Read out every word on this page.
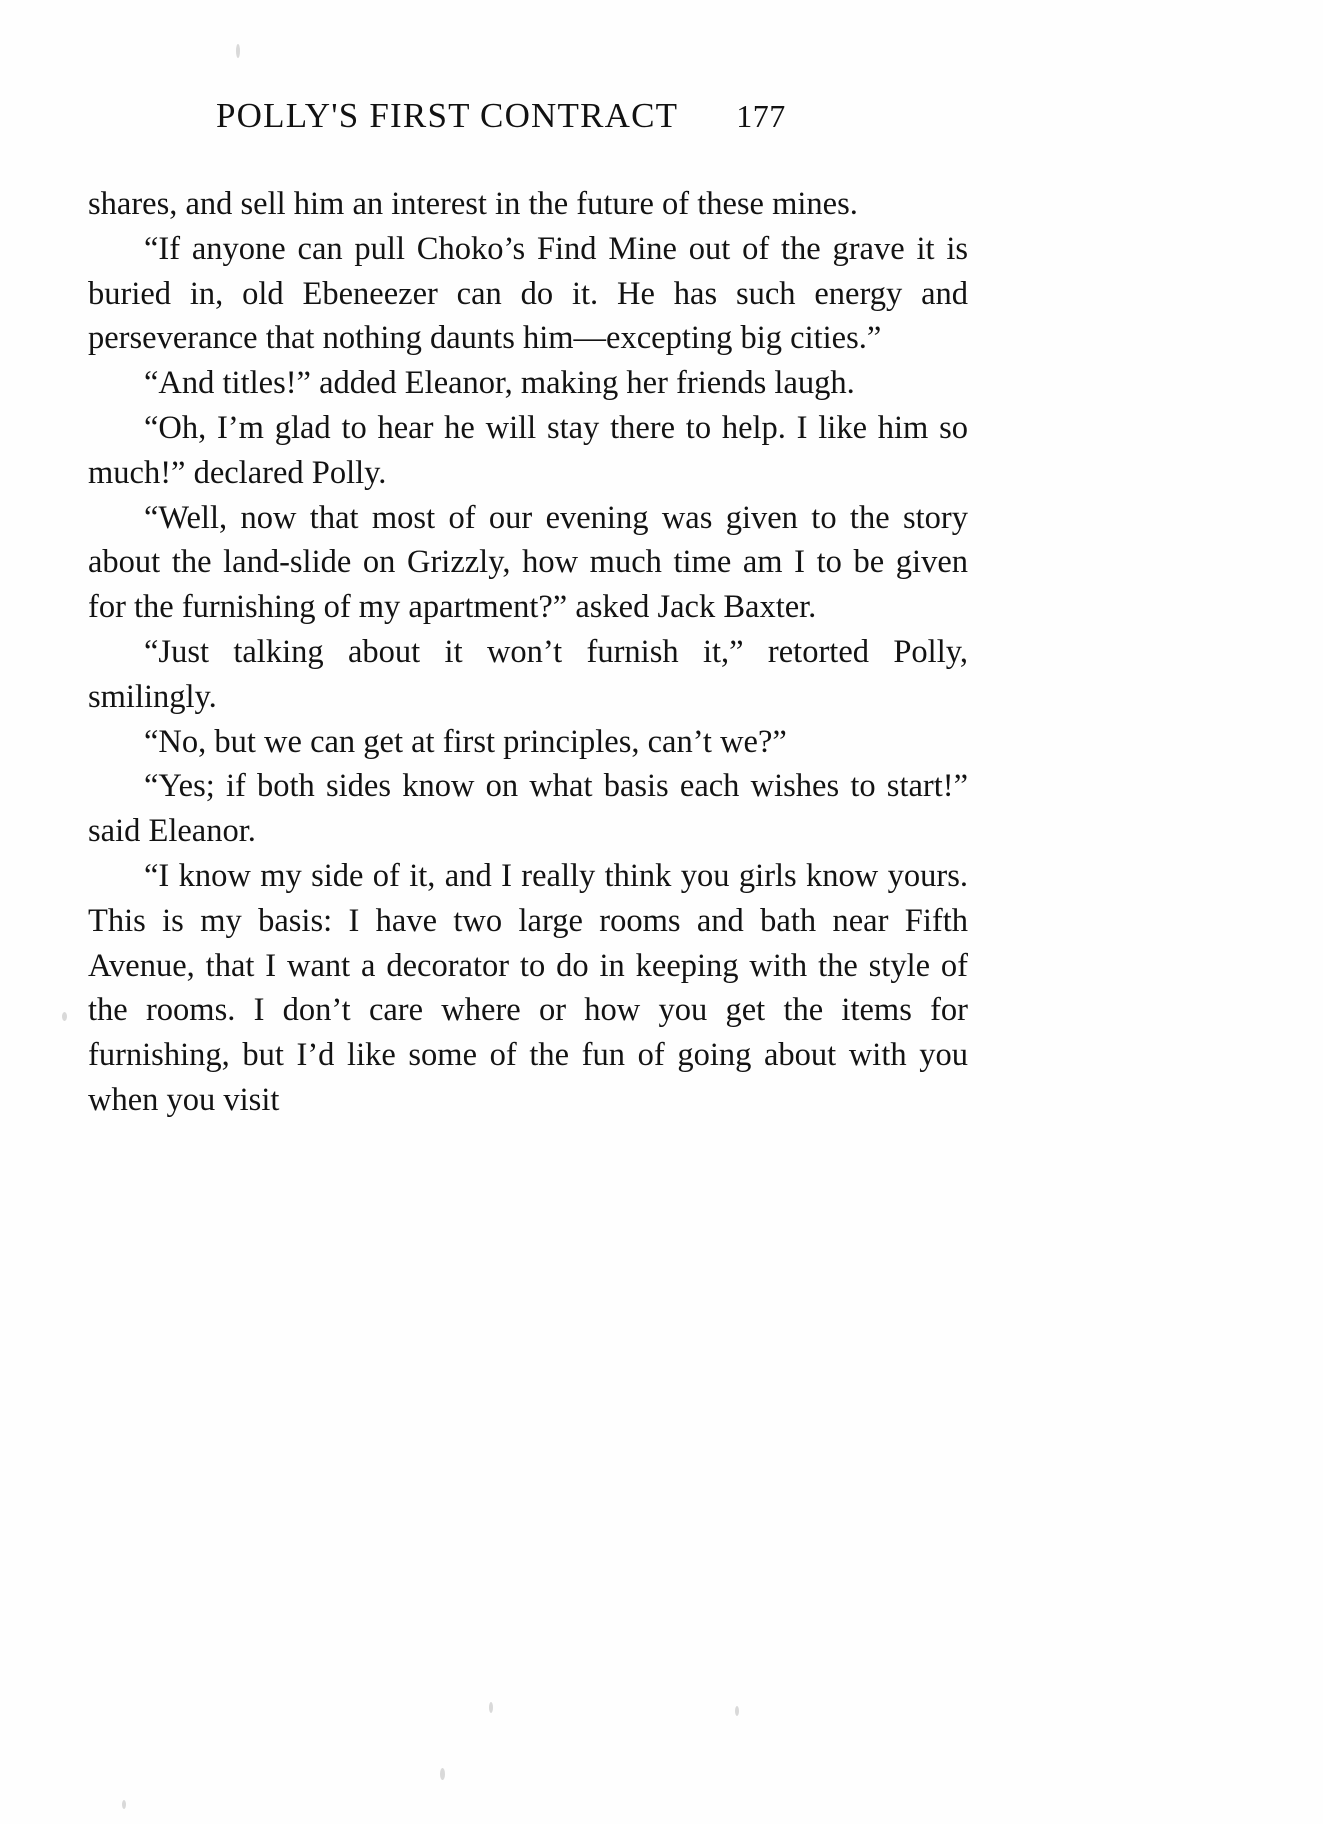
POLLY'S FIRST CONTRACT 177

shares, and sell him an interest in the future of these mines.

“If anyone can pull Choko’s Find Mine out of the grave it is buried in, old Ebeneezer can do it. He has such energy and perseverance that nothing daunts him—excepting big cities.”

“And titles!” added Eleanor, making her friends laugh.

“Oh, I’m glad to hear he will stay there to help. I like him so much!” declared Polly.

“Well, now that most of our evening was given to the story about the land-slide on Grizzly, how much time am I to be given for the furnishing of my apartment?” asked Jack Baxter.

“Just talking about it won’t furnish it,” retorted Polly, smilingly.

“No, but we can get at first principles, can’t we?”

“Yes; if both sides know on what basis each wishes to start!” said Eleanor.

“I know my side of it, and I really think you girls know yours. This is my basis: I have two large rooms and bath near Fifth Avenue, that I want a decorator to do in keeping with the style of the rooms. I don’t care where or how you get the items for furnishing, but I’d like some of the fun of going about with you when you visit
